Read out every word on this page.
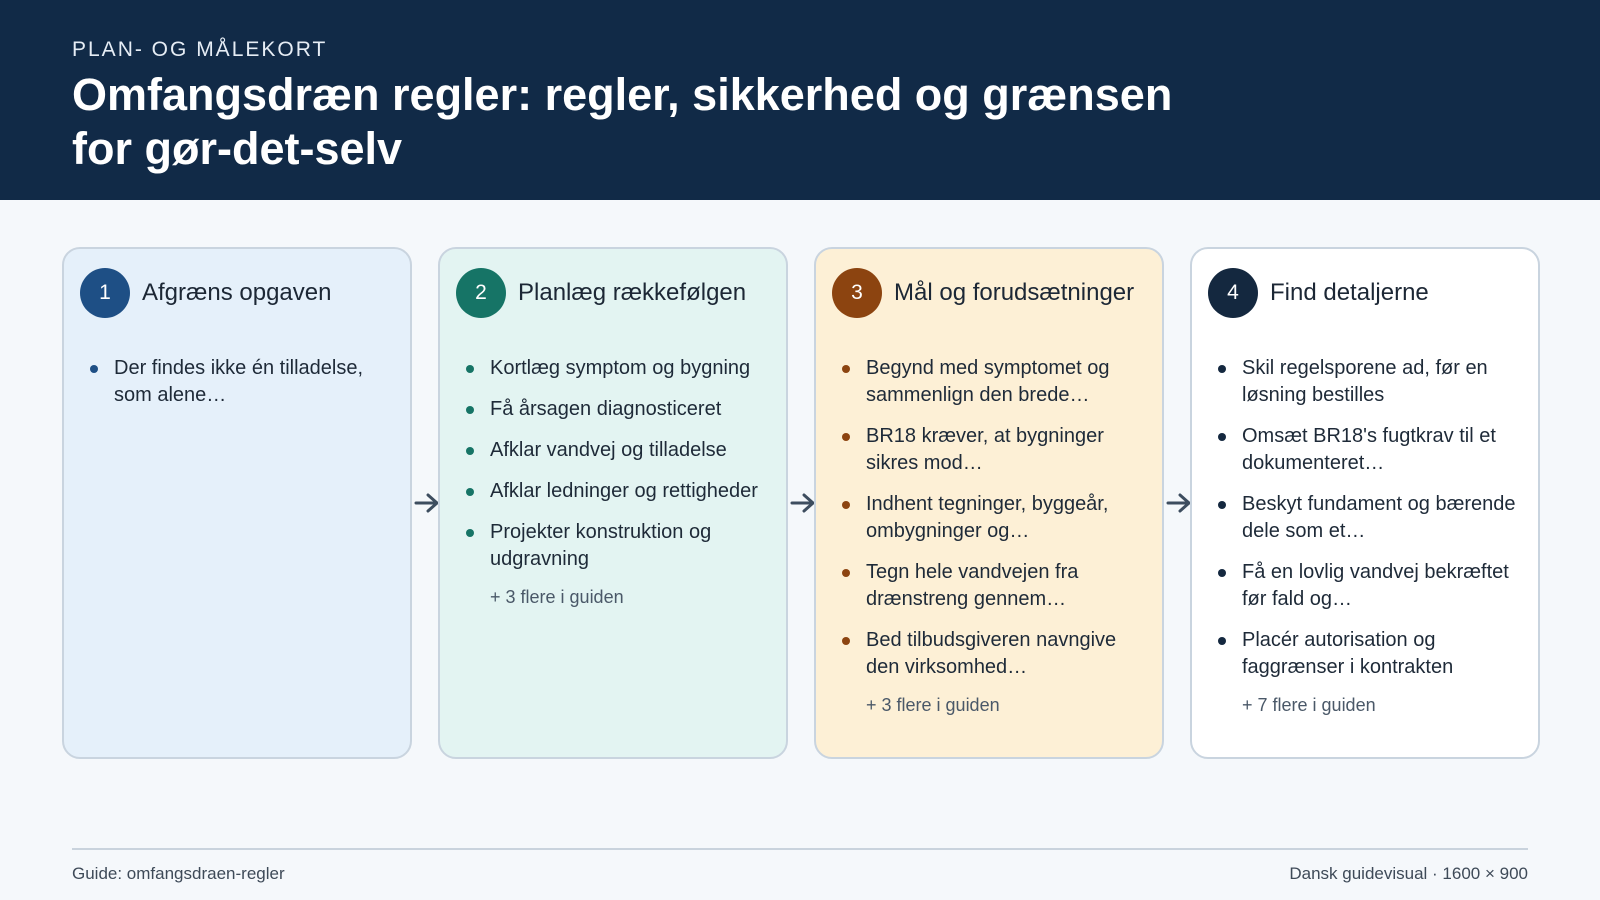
PLAN- OG MÅLEKORT
Omfangsdræn regler: regler, sikkerhed og grænsen for gør-det-selv
1	Afgræns opgaven
Der findes ikke én tilladelse, som alene…
2	Planlæg rækkefølgen
Kortlæg symptom og bygning
Få årsagen diagnosticeret
Afklar vandvej og tilladelse
Afklar ledninger og rettigheder
Projekter konstruktion og udgravning
+ 3 flere i guiden
3	Mål og forudsætninger
Begynd med symptomet og sammenlign den brede…
BR18 kræver, at bygninger sikres mod…
Indhent tegninger, byggeår, ombygninger og…
Tegn hele vandvejen fra drænstreng gennem…
Bed tilbudsgiveren navngive den virksomhed…
+ 3 flere i guiden
4	Find detaljerne
Skil regelsporene ad, før en løsning bestilles
Omsæt BR18's fugtkrav til et dokumenteret…
Beskyt fundament og bærende dele som et…
Få en lovlig vandvej bekræftet før fald og…
Placér autorisation og faggrænser i kontrakten
+ 7 flere i guiden
Guide: omfangsdraen-regler	Dansk guidevisual · 1600 × 900
